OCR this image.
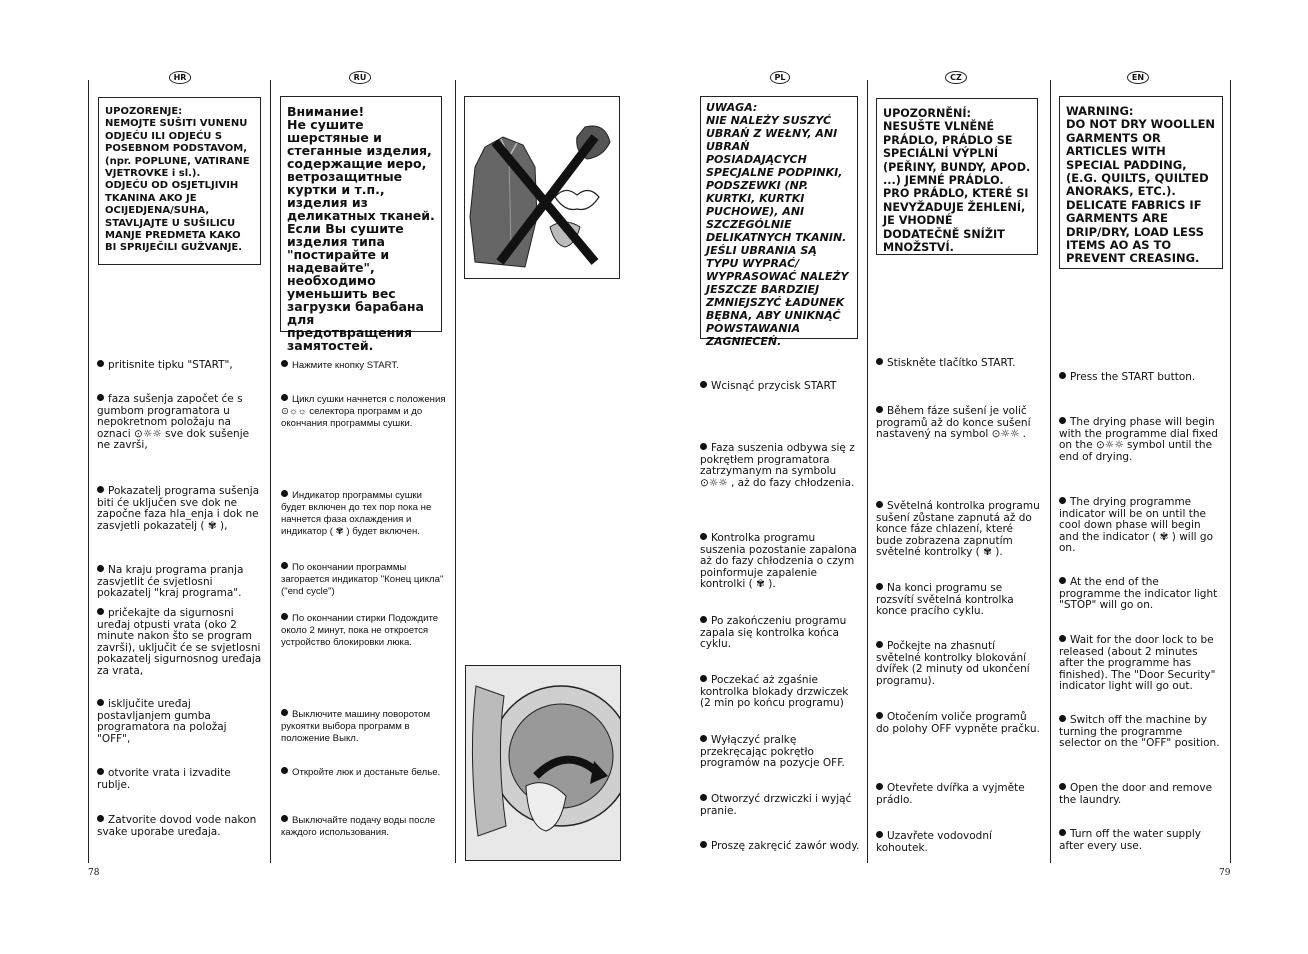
HR	RU	PL	CZ	EN
UPOZORENJE:
NEMOJTE SUŠITI VUNENU ODJEĆU ILI ODJEĆU S POSEBNOM PODSTAVOM, (npr. POPLUNE, VATIRANE VJETROVKE i sl.).
ODJEĆU OD OSJETLJIVIH TKANINA AKO JE OCIJEDJENA/SUHA, STAVLJAJTE U SUŠILICU MANJE PREDMETA KAKO BI SPRIJEČILI GUŽVANJE.
Внимание!
Не сушите шерстяные и стеганные изделия, содержащие иеро, ветрозащитные куртки и т.п., изделия из деликатных тканей. Если Вы сушите изделия типа "постирайте и надевайте", необходимо уменьшить вес загрузки барабана для предотвращения замятостей.
UWAGA:
NIE NALEŻY SUSZYĆ UBRAŃ Z WEŁNY, ANI UBRAŃ POSIADAJĄCYCH SPECJALNE PODPINKI, PODSZEWKI (NP. KURTKI, KURTKI PUCHOWE), ANI SZCZEGÓLNIE DELIKATNYCH TKANIN. JEŚLI UBRANIA SĄ TYPU WYPRAĆ/ WYPRASOWAĆ NALEŻY JESZCZE BARDZIEJ ZMNIEJSZYĆ ŁADUNEK BĘBNA, ABY UNIKNĄĆ POWSTAWANIA ZAGNIECEŃ.
UPOZORNĚNÍ:
NESUŠTE VLNĚNÉ PRÁDLO, PRÁDLO SE SPECIÁLNÍ VÝPLNÍ (PEŘINY, BUNDY, APOD. ...) JEMNÉ PRÁDLO. PRO PRÁDLO, KTERÉ SI NEVYŽADUJE ŽEHLENÍ, JE VHODNÉ DODATEČNĚ SNÍŽIT MNOŽSTVÍ.
WARNING:
DO NOT DRY WOOLLEN GARMENTS OR ARTICLES WITH SPECIAL PADDING, (E.G. QUILTS, QUILTED ANORAKS, ETC.). DELICATE FABRICS IF GARMENTS ARE DRIP/DRY, LOAD LESS ITEMS AO AS TO PREVENT CREASING.
pritisnite tipku "START",
faza sušenja započet će s gumbom programatora u nepokretnom položaju na oznaci ⊙☼☼ sve dok sušenje ne završi,
Pokazatelj programa sušenja biti će uključen sve dok ne započne faza hla_enja i dok ne zasvjetli pokazatelj ( ✾ ),
Na kraju programa pranja zasvjetlit će svjetlosni pokazatelj "kraj programa".
pričekajte da sigurnosni uređaj otpusti vrata (oko 2 minute nakon što se program završi), uključit će se svjetlosni pokazatelj sigurnosnog uređaja za vrata,
isključite uređaj postavljanjem gumba programatora na položaj "OFF",
otvorite vrata i izvadite rublje.
Zatvorite dovod vode nakon svake uporabe uređaja.
Нажмите кнопку START.
Цикл сушки начнется с положения ⊙☼☼ селектора программ и до окончания программы сушки.
Индикатор программы сушки будет включен до тех пор пока не начнется фаза охлаждения и индикатор ( ✾ ) будет включен.
По окончании программы загорается индикатор "Конец цикла" ("end cycle")
По окончании стирки Подождите около 2 минут, пока не откроется устройство блокировки люка.
Выключите машину поворотом рукоятки выбора программ в положение Выкл.
Откройте люк и достаньте белье.
Выключайте подачу воды после каждого использования.
Wcisnąć przycisk START
Faza suszenia odbywa się z pokrętłem programatora zatrzymanym na symbolu ⊙☼☼ , aż do fazy chłodzenia.
Kontrolka programu suszenia pozostanie zapalona aż do fazy chłodzenia o czym poinformuje zapalenie kontrolki ( ✾ ).
Po zakończeniu programu zapala się kontrolka końca cyklu.
Poczekać aż zgaśnie kontrolka blokady drzwiczek (2 min po końcu programu)
Wyłączyć pralkę przekręcając pokrętło programów na pozycje OFF.
Otworzyć drzwiczki i wyjąć pranie.
Proszę zakręcić zawór wody.
Stiskněte tlačítko START.
Během fáze sušení je volič programů až do konce sušení nastavený na symbol ⊙☼☼ .
Světelná kontrolka programu sušení zůstane zapnutá až do konce fáze chlazení, které bude zobrazena zapnutím světelné kontrolky ( ✾ ).
Na konci programu se rozsvítí světelná kontrolka konce pracího cyklu.
Počkejte na zhasnutí světelné kontrolky blokování dvířek (2 minuty od ukončení programu).
Otočením voliče programů do polohy OFF vypněte pračku.
Otevřete dvířka a vyjměte prádlo.
Uzavřete vodovodní kohoutek.
Press the START button.
The drying phase will begin with the programme dial fixed on the ⊙☼☼ symbol until the end of drying.
The drying programme indicator will be on until the cool down phase will begin and the indicator ( ✾ ) will go on.
At the end of the programme the indicator light "STOP" will go on.
Wait for the door lock to be released (about 2 minutes after the programme has finished). The "Door Security" indicator light will go out.
Switch off the machine by turning the programme selector on the "OFF" position.
Open the door and remove the laundry.
Turn off the water supply after every use.
78	79
